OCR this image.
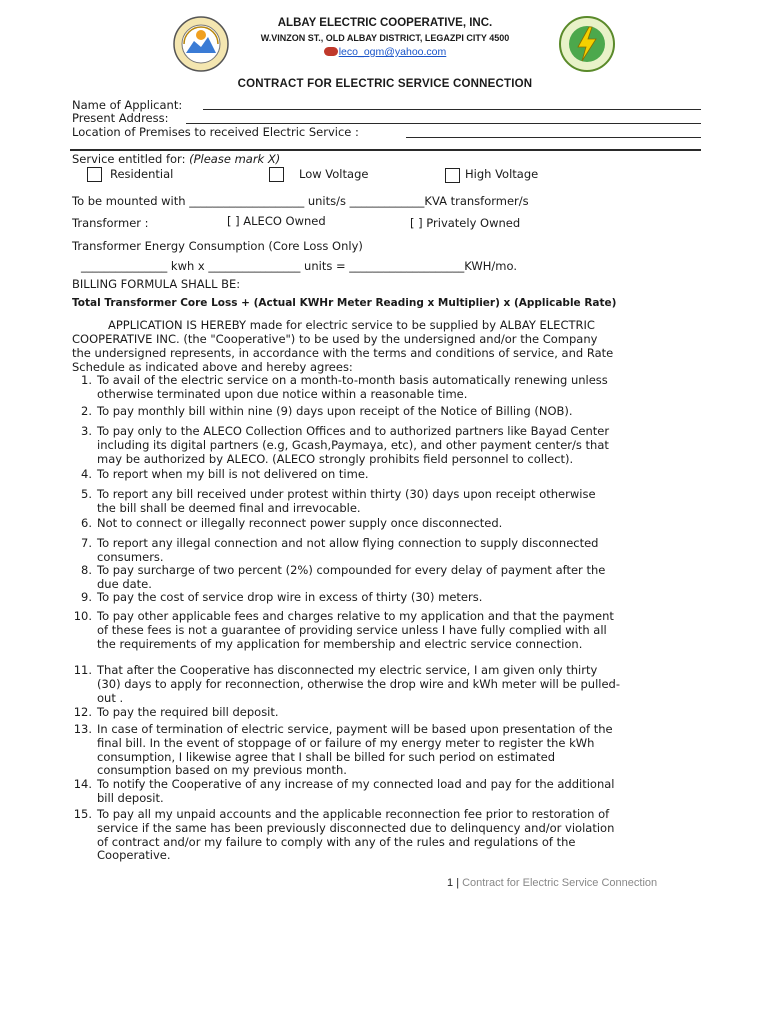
ALBAY ELECTRIC COOPERATIVE, INC.
W.VINZON ST., OLD ALBAY DISTRICT, LEGAZPI CITY 4500
leco_ogm@yahoo.com
CONTRACT FOR ELECTRIC SERVICE CONNECTION
Name of Applicant:
Present Address:
Location of Premises to received Electric Service :
Service entitled for: (Please mark X)
Residential	Low Voltage	High Voltage
To be mounted with ____________________ units/s _____________KVA transformer/s
Transformer :	[ ] ALECO Owned	[ ] Privately Owned
Transformer Energy Consumption (Core Loss Only)
_______________ kwh x ________________ units = ____________________KWH/mo.
BILLING FORMULA SHALL BE:
Total Transformer Core Loss + (Actual KWHr Meter Reading x Multiplier) x (Applicable Rate)
APPLICATION IS HEREBY made for electric service to be supplied by ALBAY ELECTRIC
COOPERATIVE INC. (the "Cooperative") to be used by the undersigned and/or the Company
the undersigned represents, in accordance with the terms and conditions of service, and Rate
Schedule as indicated above and hereby agrees:
1. To avail of the electric service on a month-to-month basis automatically renewing unless
otherwise terminated upon due notice within a reasonable time.
2. To pay monthly bill within nine (9) days upon receipt of the Notice of Billing (NOB).
3. To pay only to the ALECO Collection Offices and to authorized partners like Bayad Center
including its digital partners (e.g, Gcash,Paymaya, etc), and other payment center/s that
may be authorized by ALECO. (ALECO strongly prohibits field personnel to collect).
4. To report when my bill is not delivered on time.
5. To report any bill received under protest within thirty (30) days upon receipt otherwise
the bill shall be deemed final and irrevocable.
6. Not to connect or illegally reconnect power supply once disconnected.
7. To report any illegal connection and not allow flying connection to supply disconnected
consumers.
8. To pay surcharge of two percent (2%) compounded for every delay of payment after the
due date.
9. To pay the cost of service drop wire in excess of thirty (30) meters.
10. To pay other applicable fees and charges relative to my application and that the payment
of these fees is not a guarantee of providing service unless I have fully complied with all
the requirements of my application for membership and electric service connection.
11. That after the Cooperative has disconnected my electric service, I am given only thirty
(30) days to apply for reconnection, otherwise the drop wire and kWh meter will be pulled-
out .
12. To pay the required bill deposit.
13. In case of termination of electric service, payment will be based upon presentation of the
final bill. In the event of stoppage of or failure of my energy meter to register the kWh
consumption, I likewise agree that I shall be billed for such period on estimated
consumption based on my previous month.
14. To notify the Cooperative of any increase of my connected load and pay for the additional
bill deposit.
15. To pay all my unpaid accounts and the applicable reconnection fee prior to restoration of
service if the same has been previously disconnected due to delinquency and/or violation
of contract and/or my failure to comply with any of the rules and regulations of the
Cooperative.
1 | Contract for Electric Service Connection
